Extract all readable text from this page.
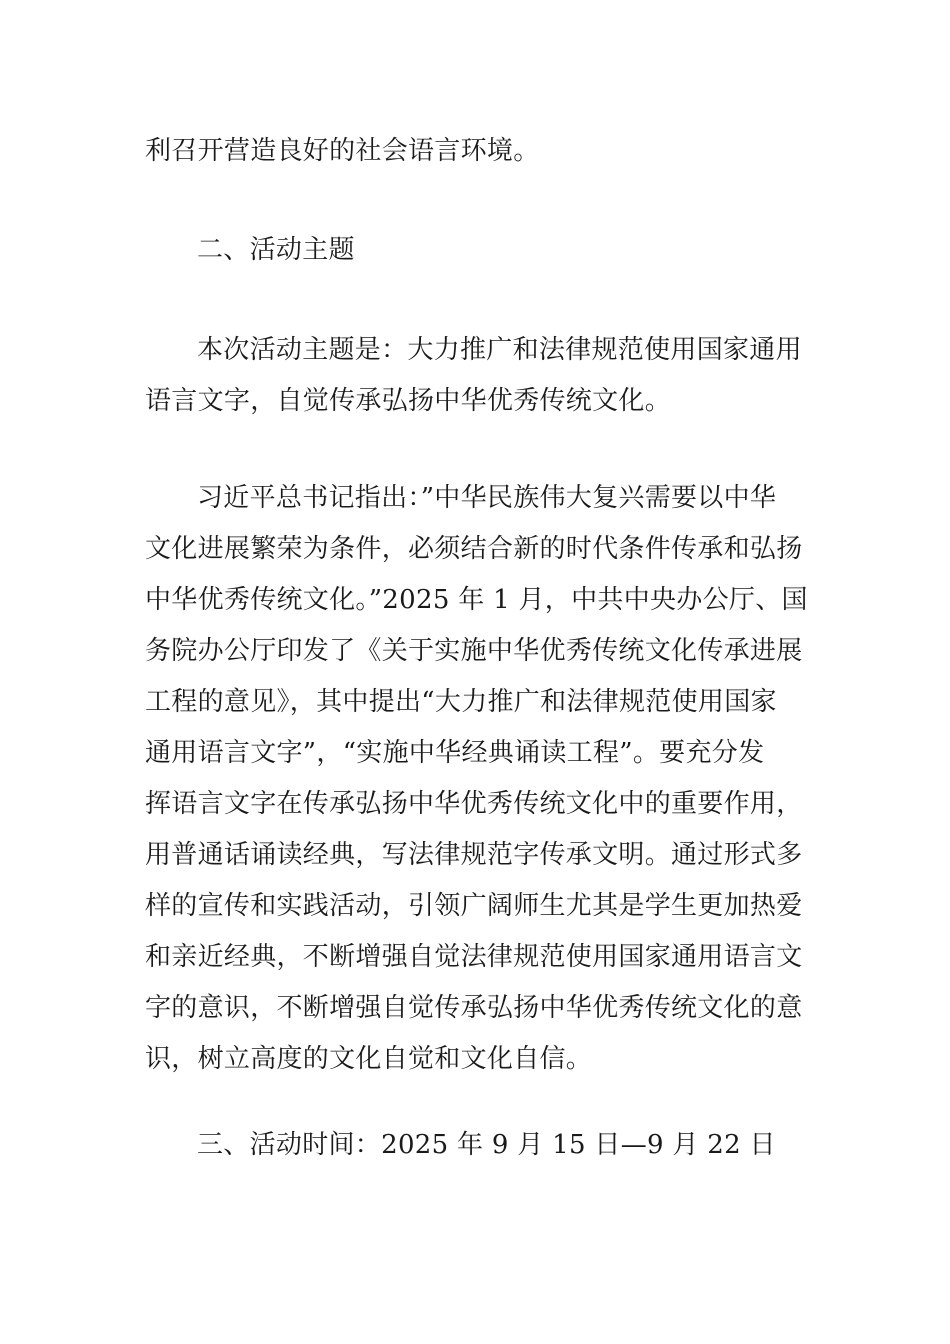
利召开营造良好的社会语言环境。
二、活动主题
本次活动主题是：大力推广和法律规范使用国家通用
语言文字，自觉传承弘扬中华优秀传统文化。
习近平总书记指出：”中华民族伟大复兴需要以中华
文化进展繁荣为条件，必须结合新的时代条件传承和弘扬
中华优秀传统文化。”2025 年 1 月，中共中央办公厅、国
务院办公厅印发了《关于实施中华优秀传统文化传承进展
工程的意见》，其中提出“大力推广和法律规范使用国家
通用语言文字”，“实施中华经典诵读工程”。要充分发
挥语言文字在传承弘扬中华优秀传统文化中的重要作用，
用普通话诵读经典，写法律规范字传承文明。通过形式多
样的宣传和实践活动，引领广阔师生尤其是学生更加热爱
和亲近经典，不断增强自觉法律规范使用国家通用语言文
字的意识，不断增强自觉传承弘扬中华优秀传统文化的意
识，树立高度的文化自觉和文化自信。
三、活动时间：2025 年 9 月 15 日—9 月 22 日
